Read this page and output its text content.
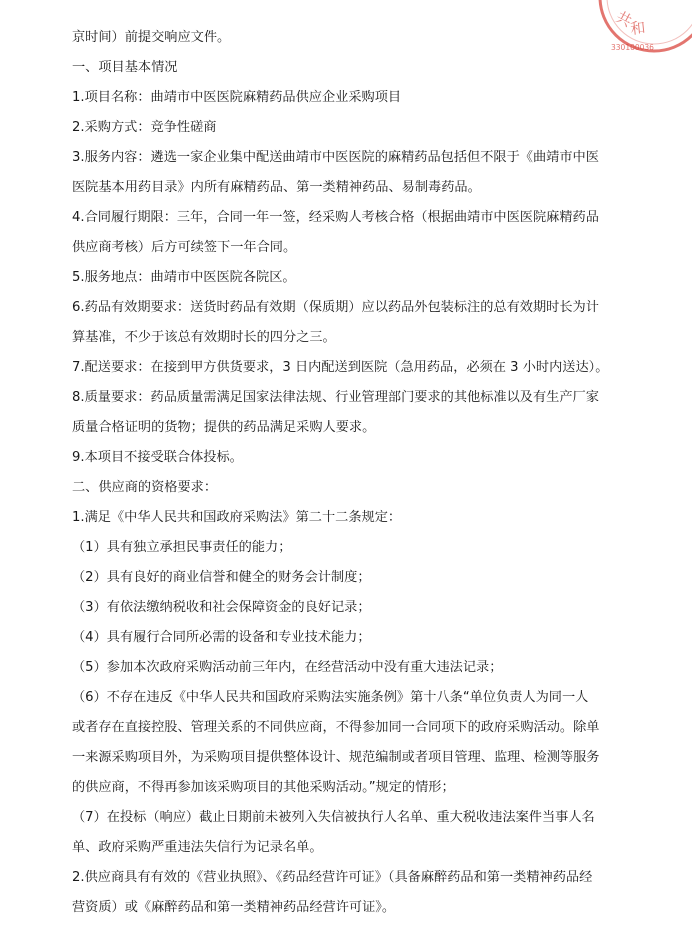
共
和
330100036
京时间）前提交响应文件。
一、项目基本情况
1.项目名称：曲靖市中医医院麻精药品供应企业采购项目
2.采购方式：竞争性磋商
3.服务内容：遴选一家企业集中配送曲靖市中医医院的麻精药品包括但不限于《曲靖市中医
医院基本用药目录》内所有麻精药品、第一类精神药品、易制毒药品。
4.合同履行期限：三年，合同一年一签，经采购人考核合格（根据曲靖市中医医院麻精药品
供应商考核）后方可续签下一年合同。
5.服务地点：曲靖市中医医院各院区。
6.药品有效期要求：送货时药品有效期（保质期）应以药品外包装标注的总有效期时长为计
算基准，不少于该总有效期时长的四分之三。
7.配送要求：在接到甲方供货要求，3 日内配送到医院（急用药品，必须在 3 小时内送达）。
8.质量要求：药品质量需满足国家法律法规、行业管理部门要求的其他标准以及有生产厂家
质量合格证明的货物；提供的药品满足采购人要求。
9.本项目不接受联合体投标。
二、供应商的资格要求：
1.满足《中华人民共和国政府采购法》第二十二条规定：
（1）具有独立承担民事责任的能力；
（2）具有良好的商业信誉和健全的财务会计制度；
（3）有依法缴纳税收和社会保障资金的良好记录；
（4）具有履行合同所必需的设备和专业技术能力；
（5）参加本次政府采购活动前三年内，在经营活动中没有重大违法记录；
（6）不存在违反《中华人民共和国政府采购法实施条例》第十八条“单位负责人为同一人
或者存在直接控股、管理关系的不同供应商，不得参加同一合同项下的政府采购活动。除单
一来源采购项目外，为采购项目提供整体设计、规范编制或者项目管理、监理、检测等服务
的供应商，不得再参加该采购项目的其他采购活动。”规定的情形；
（7）在投标（响应）截止日期前未被列入失信被执行人名单、重大税收违法案件当事人名
单、政府采购严重违法失信行为记录名单。
2.供应商具有有效的《营业执照》、《药品经营许可证》（具备麻醉药品和第一类精神药品经
营资质）或《麻醉药品和第一类精神药品经营许可证》。
